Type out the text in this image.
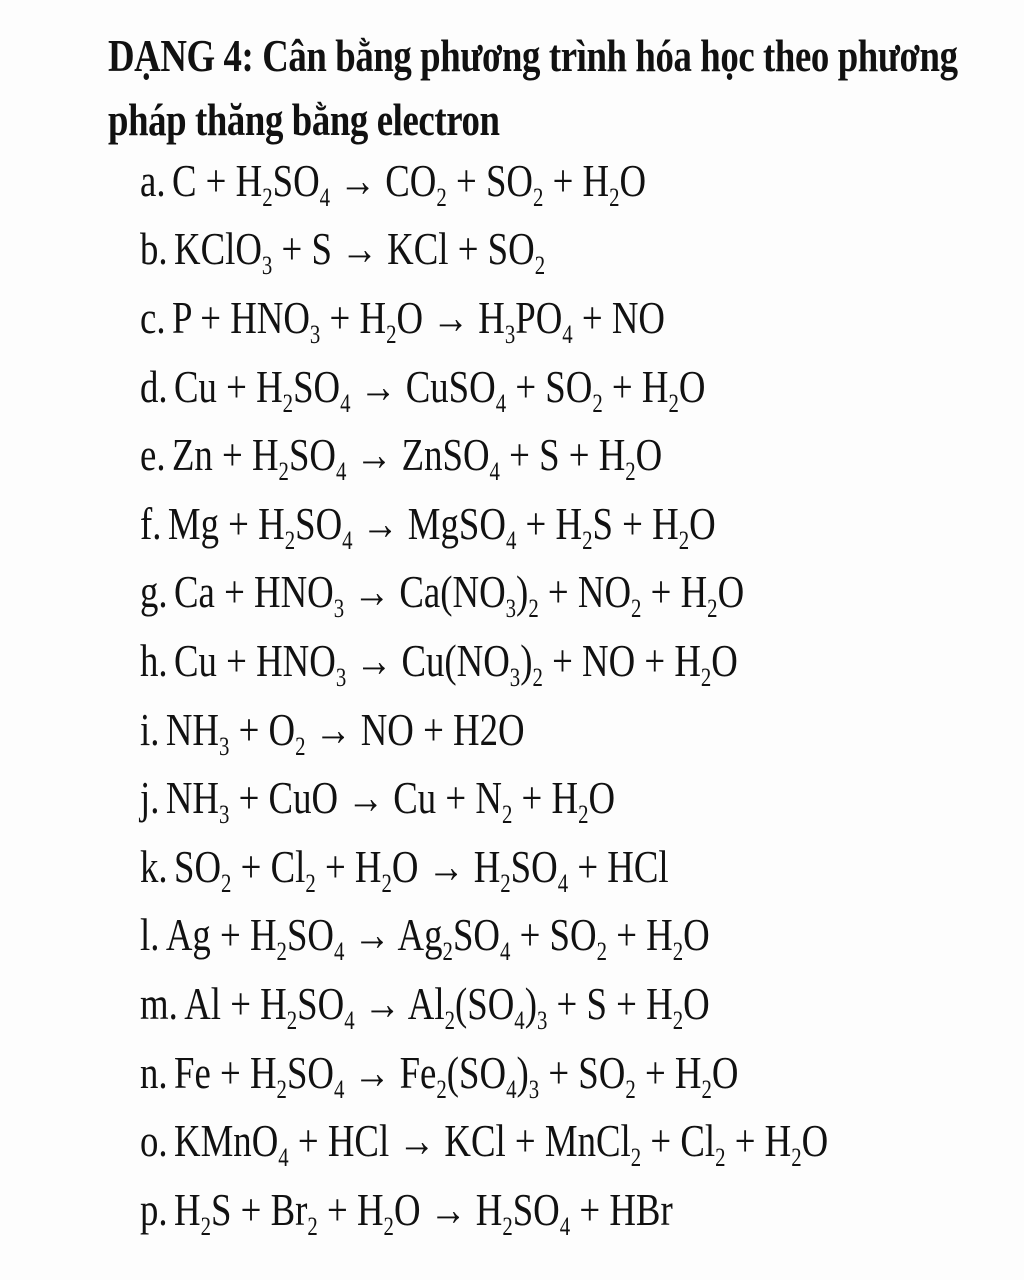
DẠNG 4: Cân bằng phương trình hóa học theo phương
pháp thăng bằng electron
a. $C + H_2SO_4 \to CO_2 + SO_2 + H_2O$
b. KClO$_3$ + S → KCl + $SO_2$
c. $P + HNO_3 + H_2O \to H_3PO_4$ + NO
d. $Cu + H_2SO_4$ → CuSO$_4$ + $SO_2 + H_2O$
e. $Zn + H_2SO_4$ → ZnSO$_4$ + $S + H_2O$
f. $Mg + H_2SO_4$ → MgSO$_4$ + $H_2S + H_2O$
g. $Ca + HNO_3 \to Ca(NO_3)_2 + NO_2 + H_2O$
h. $Cu + HNO_3 \to Cu(NO_3)_2$ + NO + $H_2O$
i. $NH_3 + O_2$ → NO + H2O
j. $NH_3$ + CuO → $Cu + N_2 + H_2O$
k. $SO_2 + Cl_2 + H_2O \to H_2SO_4$ + HCl
l. $Ag + H_2SO_4 \to Ag_2SO_4 + SO_2 + H_2O$
m. $Al + H_2SO_4 \to Al_2(SO_4)_3 + S + H_2O$
n. $Fe + H_2SO_4 \to Fe_2(SO_4)_3 + SO_2 + H_2O$
o. KMnO$_4$ + HCl → KCl + MnCl$_2$ + $Cl_2 + H_2O$
p. $H_2S + Br_2 + H_2O \to H_2SO_4$ + HBr
